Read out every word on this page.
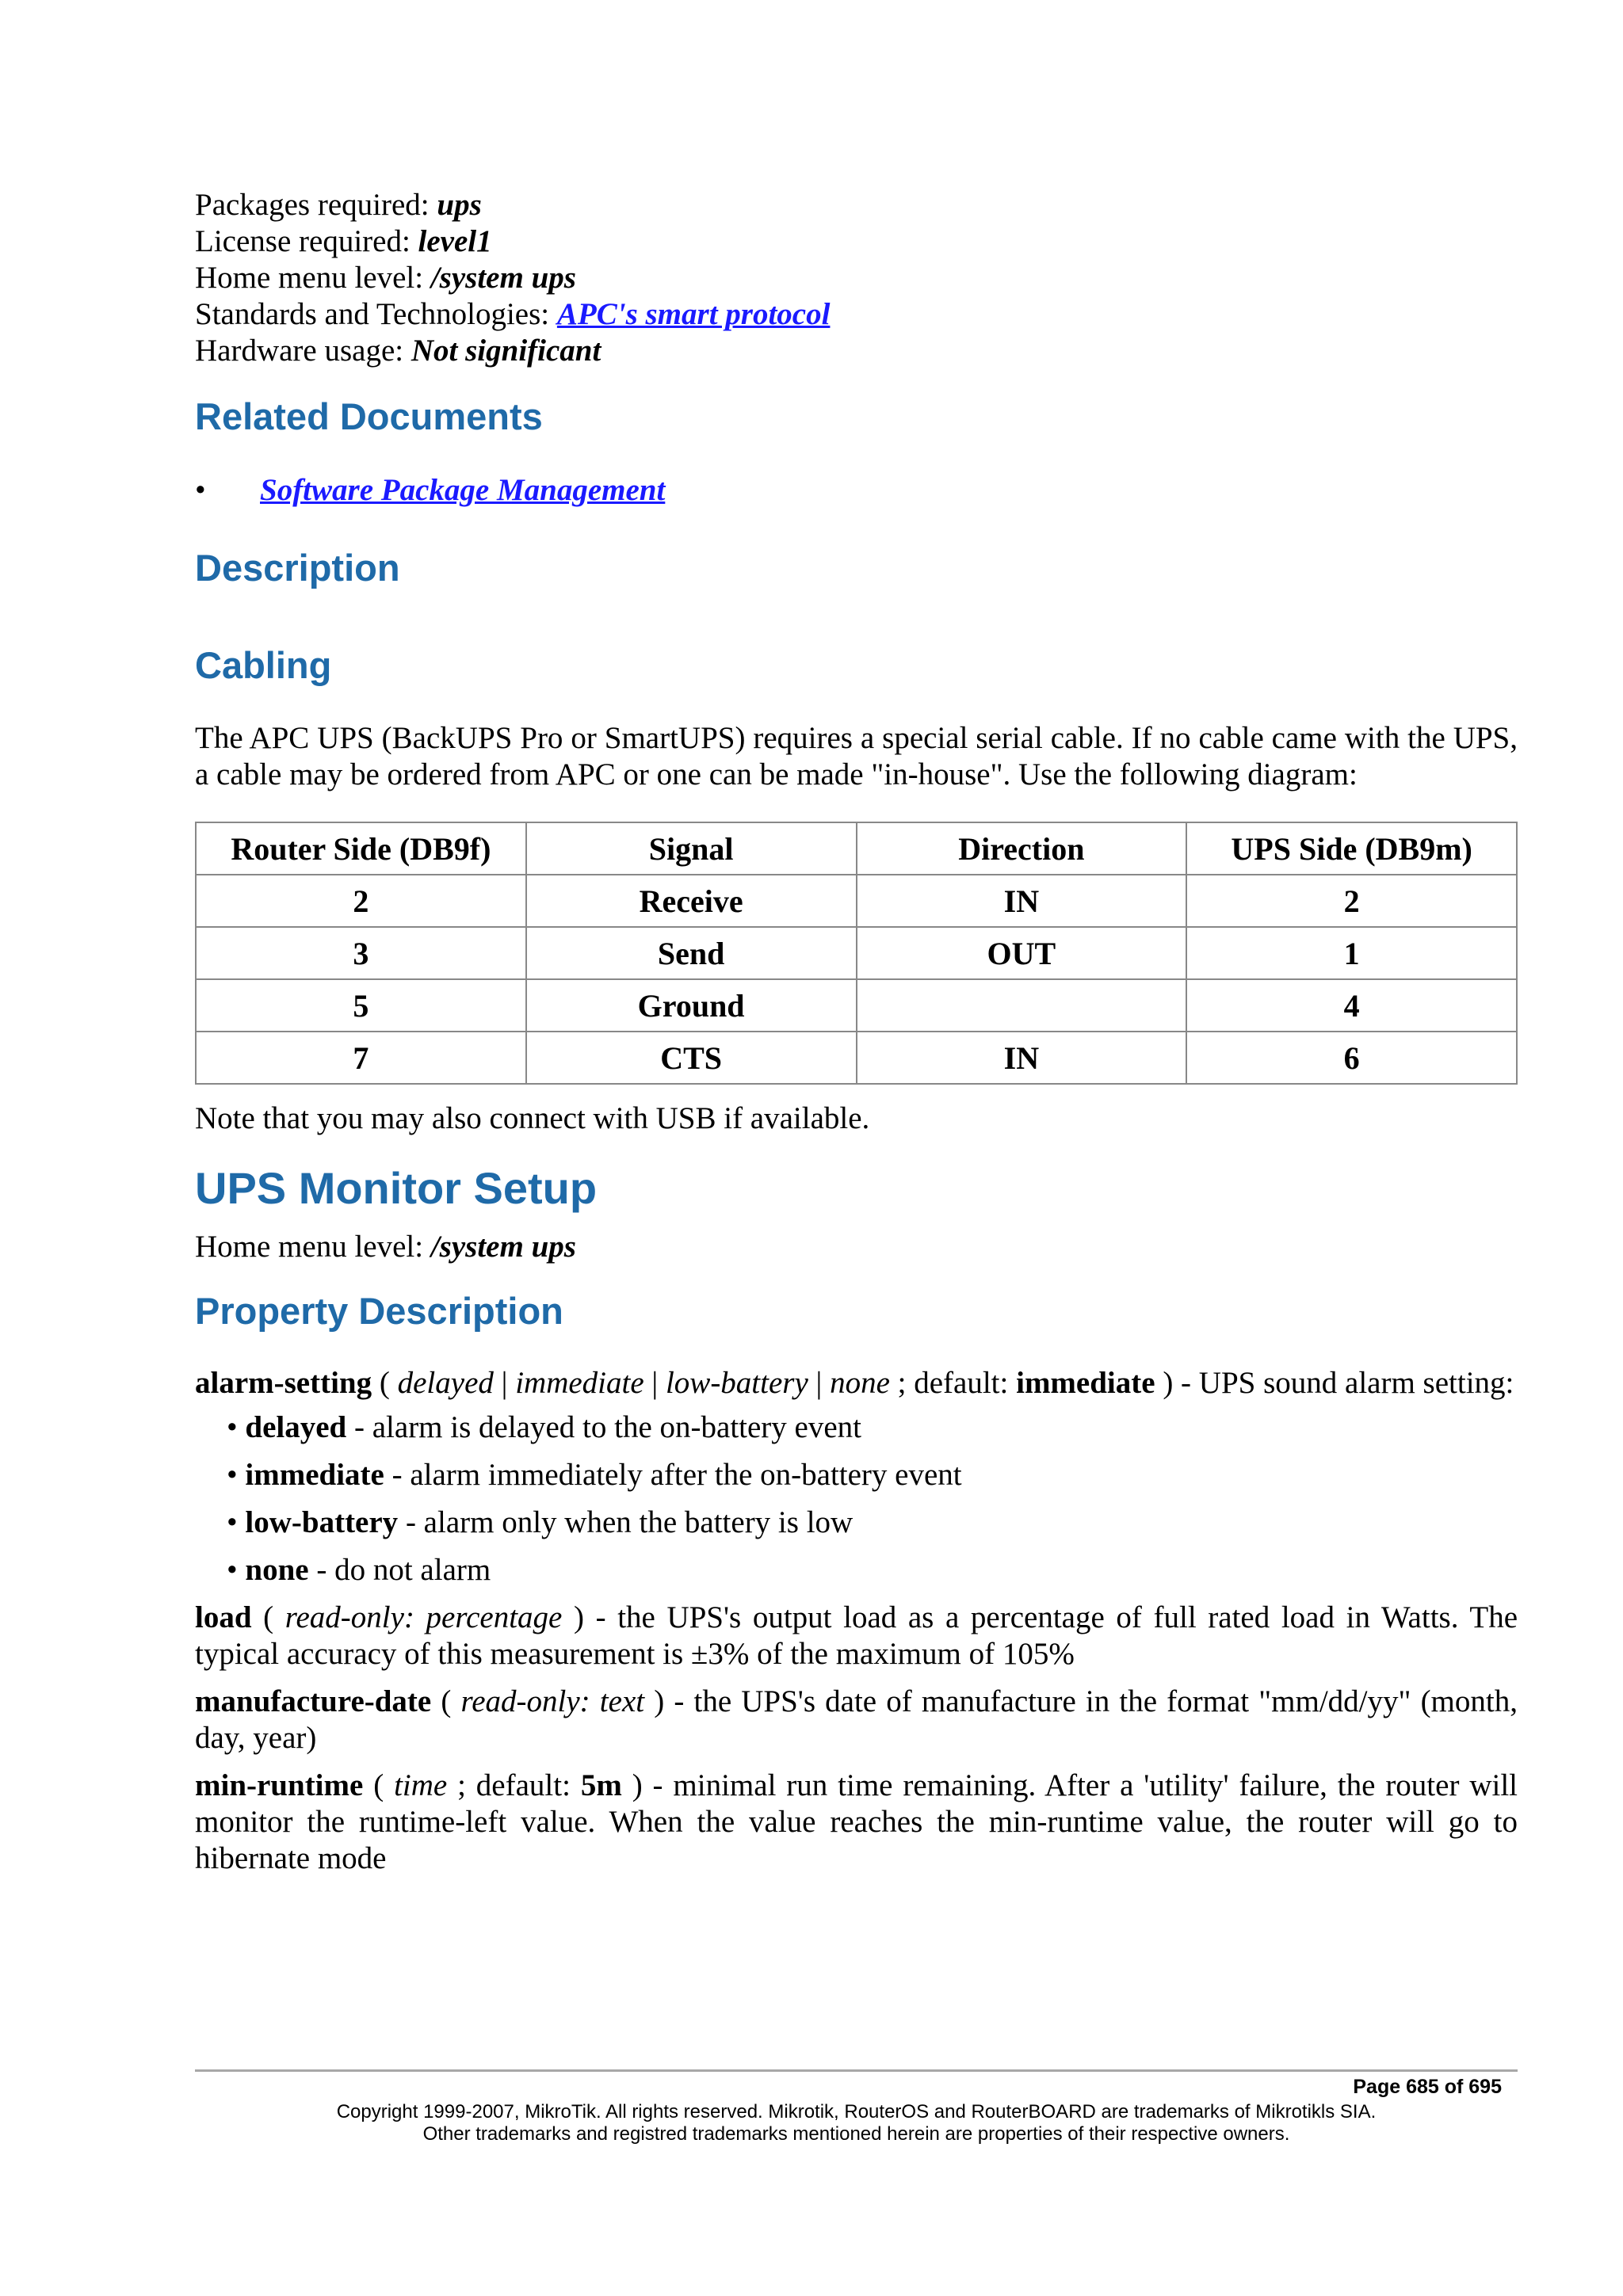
Packages required: ups
License required: level1
Home menu level: /system ups
Standards and Technologies: APC's smart protocol
Hardware usage: Not significant
Related Documents
•	Software Package Management
Description
Cabling

The APC UPS (BackUPS Pro or SmartUPS) requires a special serial cable. If no cable came with the UPS, a cable may be ordered from APC or one can be made "in-house". Use the following diagram:

Router Side (DB9f)	Signal	Direction	UPS Side (DB9m)
2	Receive	IN	2
3	Send	OUT	1
5	Ground		4
7	CTS	IN	6

Note that you may also connect with USB if available.

UPS Monitor Setup

Home menu level: /system ups

Property Description

alarm-setting ( delayed | immediate | low-battery | none ; default: immediate ) - UPS sound alarm setting:

• delayed - alarm is delayed to the on-battery event
• immediate - alarm immediately after the on-battery event
• low-battery - alarm only when the battery is low
• none - do not alarm

load ( read-only: percentage ) - the UPS's output load as a percentage of full rated load in Watts. The typical accuracy of this measurement is ±3% of the maximum of 105%

manufacture-date ( read-only: text ) - the UPS's date of manufacture in the format "mm/dd/yy" (month, day, year)

min-runtime ( time ; default: 5m ) - minimal run time remaining. After a 'utility' failure, the router will monitor the runtime-left value. When the value reaches the min-runtime value, the router will go to hibernate mode

Page 685 of 695
Copyright 1999-2007, MikroTik. All rights reserved. Mikrotik, RouterOS and RouterBOARD are trademarks of Mikrotikls SIA.
Other trademarks and registred trademarks mentioned herein are properties of their respective owners.
